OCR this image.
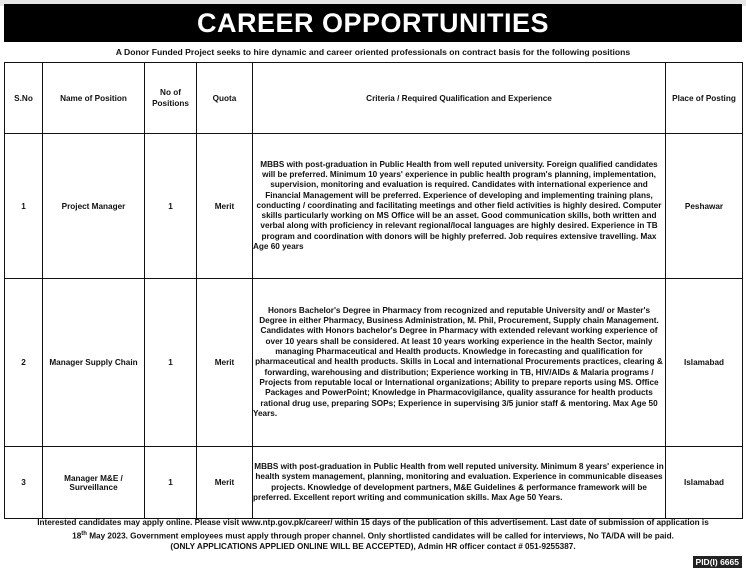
CAREER OPPORTUNITIES
A Donor Funded Project seeks to hire dynamic and career oriented professionals on contract basis for the following positions
S.No	Name of Position	No of Positions	Quota	Criteria / Required Qualification and Experience	Place of Posting
1	Project Manager	1	Merit	MBBS with post-graduation in Public Health from well reputed university. Foreign qualified candidates will be preferred. Minimum 10 years' experience in public health program's planning, implementation, supervision, monitoring and evaluation is required. Candidates with international experience and Financial Management will be preferred. Experience of developing and implementing training plans, conducting / coordinating and facilitating meetings and other field activities is highly desired. Computer skills particularly working on MS Office will be an asset. Good communication skills, both written and verbal along with proficiency in relevant regional/local languages are highly desired. Experience in TB program and coordination with donors will be highly preferred. Job requires extensive travelling. Max Age 60 years	Peshawar
2	Manager Supply Chain	1	Merit	Honors Bachelor's Degree in Pharmacy from recognized and reputable University and/ or Master's Degree in either Pharmacy, Business Administration, M. Phil, Procurement, Supply chain Management. Candidates with Honors bachelor's Degree in Pharmacy with extended relevant working experience of over 10 years shall be considered. At least 10 years working experience in the health Sector, mainly managing Pharmaceutical and Health products. Knowledge in forecasting and qualification for pharmaceutical and health products. Skills in Local and international Procurements practices, clearing & forwarding, warehousing and distribution; Experience working in TB, HIV/AIDs & Malaria programs / Projects from reputable local or International organizations; Ability to prepare reports using MS. Office Packages and PowerPoint; Knowledge in Pharmacovigilance, quality assurance for health products rational drug use, preparing SOPs; Experience in supervising 3/5 junior staff & mentoring. Max Age 50 Years.	Islamabad
3	Manager M&E / Surveillance	1	Merit	MBBS with post-graduation in Public Health from well reputed university. Minimum 8 years' experience in health system management, planning, monitoring and evaluation. Experience in communicable diseases projects. Knowledge of development partners, M&E Guidelines & performance framework will be preferred. Excellent report writing and communication skills. Max Age 50 Years.	Islamabad
Interested candidates may apply online. Please visit www.ntp.gov.pk/career/ within 15 days of the publication of this advertisement. Last date of submission of application is
18th May 2023. Government employees must apply through proper channel. Only shortlisted candidates will be called for interviews, No TA/DA will be paid.
(ONLY APPLICATIONS APPLIED ONLINE WILL BE ACCEPTED), Admin HR officer contact # 051-9255387.
PID(I) 6665
